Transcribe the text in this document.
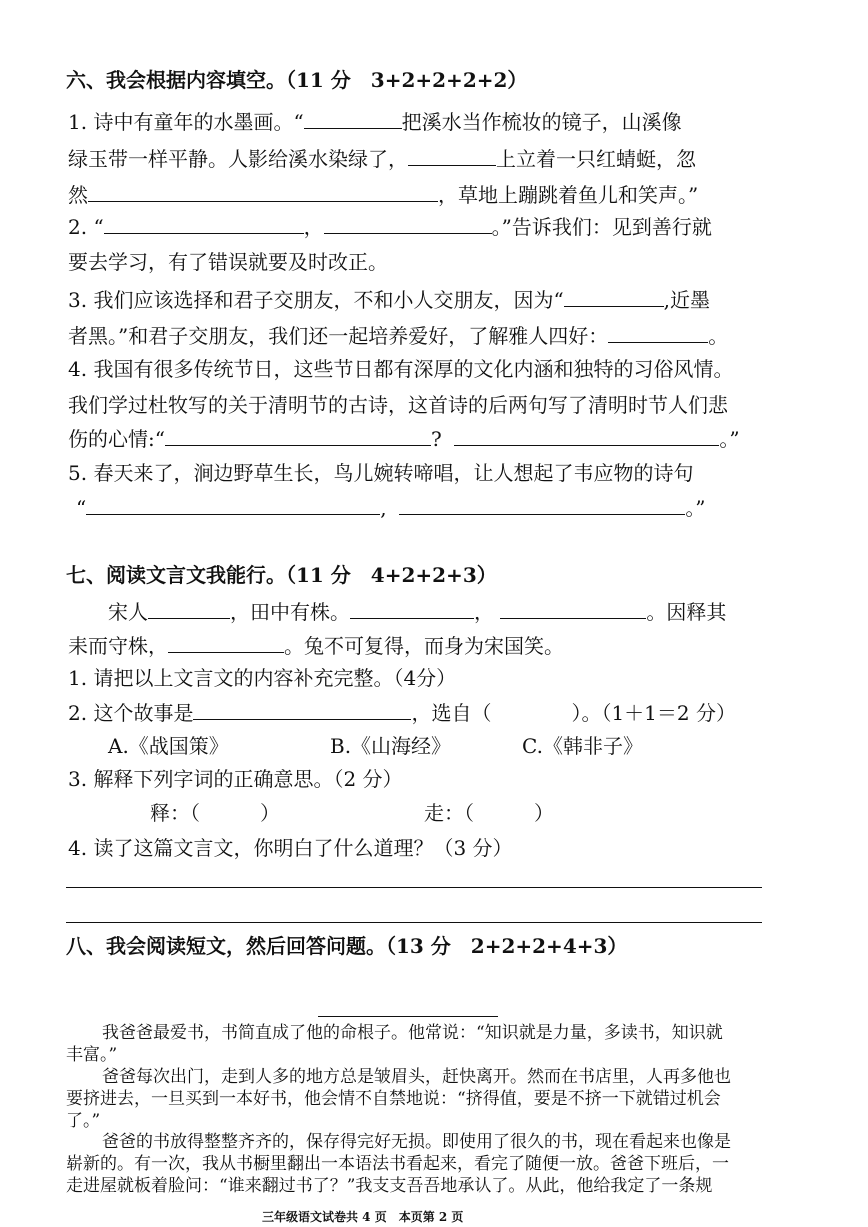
六、我会根据内容填空。（11 分　3+2+2+2+2）
1. 诗中有童年的水墨画。“	把溪水当作梳妆的镜子，山溪像
绿玉带一样平静。人影给溪水染绿了，	上立着一只红蜻蜓，忽
然	，草地上蹦跳着鱼儿和笑声。”
2. “	，	。”告诉我们：见到善行就
要去学习，有了错误就要及时改正。
3. 我们应该选择和君子交朋友，不和小人交朋友，因为“	,近墨
者黑。”和君子交朋友，我们还一起培养爱好，了解雅人四好：	。
4. 我国有很多传统节日，这些节日都有深厚的文化内涵和独特的习俗风情。
我们学过杜牧写的关于清明节的古诗，这首诗的后两句写了清明时节人们悲
伤的心情:“	?	。”
5. 春天来了，涧边野草生长，鸟儿婉转啼唱，让人想起了韦应物的诗句
“	,	。”
七、阅读文言文我能行。（11 分　4+2+2+3）
宋人	，田中有株。	，	。因释其
耒而守株，	。兔不可复得，而身为宋国笑。
1. 请把以上文言文的内容补充完整。（4分）
2. 这个故事是	，选自（　　　　）。（1＋1＝2 分）
A.《战国策》	B.《山海经》	C.《韩非子》
3. 解释下列字词的正确意思。（2 分）
释：（　　　）	走：（　　　）
4. 读了这篇文言文，你明白了什么道理？（3 分）
八、我会阅读短文，然后回答问题。（13 分　2+2+2+4+3）
我爸爸最爱书，书简直成了他的命根子。他常说：“知识就是力量，多读书，知识就
丰富。”
爸爸每次出门，走到人多的地方总是皱眉头，赶快离开。然而在书店里，人再多他也
要挤进去，一旦买到一本好书，他会情不自禁地说：“挤得值，要是不挤一下就错过机会
了。”
爸爸的书放得整整齐齐的，保存得完好无损。即使用了很久的书，现在看起来也像是
崭新的。有一次，我从书橱里翻出一本语法书看起来，看完了随便一放。爸爸下班后，一
走进屋就板着脸问：“谁来翻过书了？”我支支吾吾地承认了。从此，他给我定了一条规
三年级语文试卷共 4 页　本页第 2 页
